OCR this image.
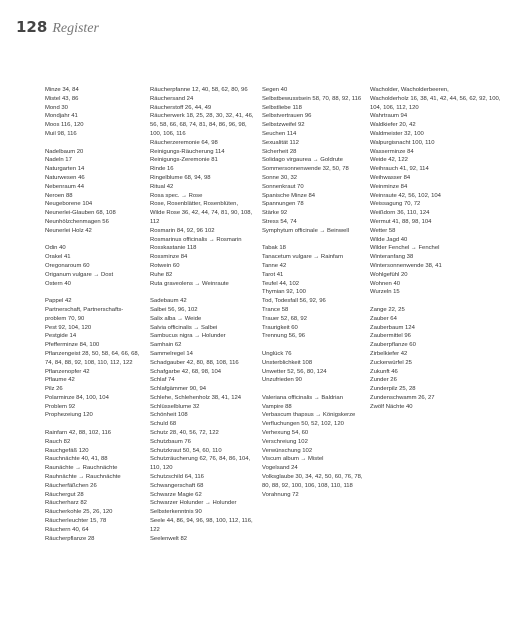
128 Register
Minze 34, 84
Mistel 43, 86
Mond 30
Mondjahr 41
Moos 116, 120
Muil 98, 116
Nadelbaum 20
Nadeln 17
Naturgarten 14
Naturwesen 46
Nebenraum 44
Neroen 88
Neugeborene 104
Neunerlei-Glauben 68, 108
Neunhölzchenmagen 56
Neunerlei Holz 42
Odin 40
Orakel 41
Oregonaroum 60
Origanum vulgare → Dost
Ostern 40
Pappel 42
Partnerschaft, Partnerschafts-problem 70, 90
Pest 92, 104, 120
Pestgide 14
Pfefferminze 84, 100
Pflanzengeist 28, 50, 58, 64, 66, 68, 74, 84, 88, 92, 108, 110, 112, 122
Pflanzenopfer 42
Pflaume 42
Pilz 26
Polarminze 84, 100, 104
Problem 92
Prophezeiung 120
Rainfarn 42, 88, 102, 116
Rauch 82
Rauchgefäß 120
Rauchnächte 40, 41, 88
Raunächte → Rauchnächte
Rauhnächte → Rauchnächte
Räucherfäßchen 26
Räuchergut 28
Räucherharz 82
Räucherkohle 25, 26, 120
Räucherleuchter 15, 78
Räuchern 40, 64
Räucherpflanze 28
Räucherpfanne 12, 40, 58, 62, 80, 96
Räuchersand 24
Räucherstoff 26, 44, 49
Räucherwerk 18, 25, 28, 30, 32, 41, 46, 56, 58, 66, 68, 74, 81, 84, 86, 96, 98, 100, 106, 116
Räucherzeremonie 64, 98
Reinigungs-Räucherung 114
Reinigungs-Zeremonie 81
Rinde 16
Ringelblume 68, 94, 98
Ritual 42
Rosa spec. → Rose
Rose, Rosenblätter, Rosenblüten,
Wilde Rose 36, 42, 44, 74, 81, 90, 108, 112
Rosmarin 84, 92, 96 102
Rosmarinus officinalis → Rosmarin
Rosskastanie 118
Rossminze 84
Rotwein 60
Ruhe 82
Ruta graveolens → Weinraute
Sadebaum 42
Salbei 56, 96, 102
Salix alba → Weide
Salvia officinalis → Salbei
Sambucus nigra → Holunder
Samhain 62
Sammelregel 14
Schadgauber 42, 80, 88, 108, 116
Schafgarbe 42, 68, 98, 104
Schlaf 74
Schlafgämmer 90, 94
Schlehe, Schlehenholz 38, 41, 124
Schlüsselblume 32
Schönheit 108
Schuld 68
Schutz 28, 40, 56, 72, 122
Schutzbaum 76
Schutzkraut 50, 54, 60, 110
Schutzräucherung 62, 76, 84, 86, 104, 110, 120
Schutzschild 64, 116
Schwangerschaft 68
Schwarze Magie 62
Schwarzer Holunder → Holunder
Selbsterkenntnis 90
Seele 44, 86, 94, 96, 98, 100, 112, 116, 122
Seelenwelt 82
Segen 40
Selbstbewusstsein 58, 70, 88, 92, 116
Selbstliebe 118
Selbstvertrauen 96
Selbstzweifel 92
Seuchen 114
Sexualität 112
Sicherheit 28
Solidago virgaurea → Goldrute
Sommersonnenwende 32, 50, 78
Sonne 30, 32
Sonnenkraut 70
Spanische Minze 84
Spannungen 78
Stärke 92
Stress 54, 74
Symphytum officinale → Beinwell
Tabak 18
Tanacetum vulgare → Rainfarn
Tanne 42
Tarot 41
Teufel 44, 102
Thymian 92, 100
Tod, Todesfall 56, 92, 96
Trance 58
Trauer 52, 68, 92
Traurigkeit 60
Trennung 56, 96
Unglück 76
Unsterblichkeit 108
Unwetter 52, 56, 80, 124
Unzufrieden 90
Valeriana officinalis → Baldrian
Vampire 88
Verbascum thapsus → Königskerze
Verfluchungen 50, 52, 102, 120
Verhexung 54, 60
Verschreiung 102
Verwünschung 102
Viscum album → Mistel
Vogelsand 24
Volksglaube 30, 34, 42, 50, 60, 76, 78, 80, 88, 92, 100, 106, 108, 110, 118
Vorahnung 72
Wacholder, Wacholderbeeren,
Wacholderholz 16, 38, 41, 42, 44, 56, 62, 92, 100, 104, 106, 112, 120
Wahrtraum 94
Waldkiefer 20, 42
Waldmeister 32, 100
Walpurgisnacht 100, 110
Wasserminze 84
Weide 42, 122
Weihrauch 41, 92, 114
Weihwasser 84
Weinminze 84
Weinraute 42, 56, 102, 104
Weissagung 70, 72
Weißdorn 36, 110, 124
Wermut 41, 88, 98, 104
Wetter 58
Wilde Jagd 40
Wilder Fenchel → Fenchel
Winteranfang 38
Wintersonnenwende 38, 41
Wohlgefühl 20
Wohnen 40
Wurzeln 15
Zange 22, 25
Zauber 64
Zauberbaum 124
Zaubermittel 96
Zauberpflanze 60
Zirbelkiefer 42
Zuckerwürfel 25
Zukunft 46
Zunder 26
Zunderpilz 25, 28
Zundenschwamm 26, 27
Zwölf Nächte 40
